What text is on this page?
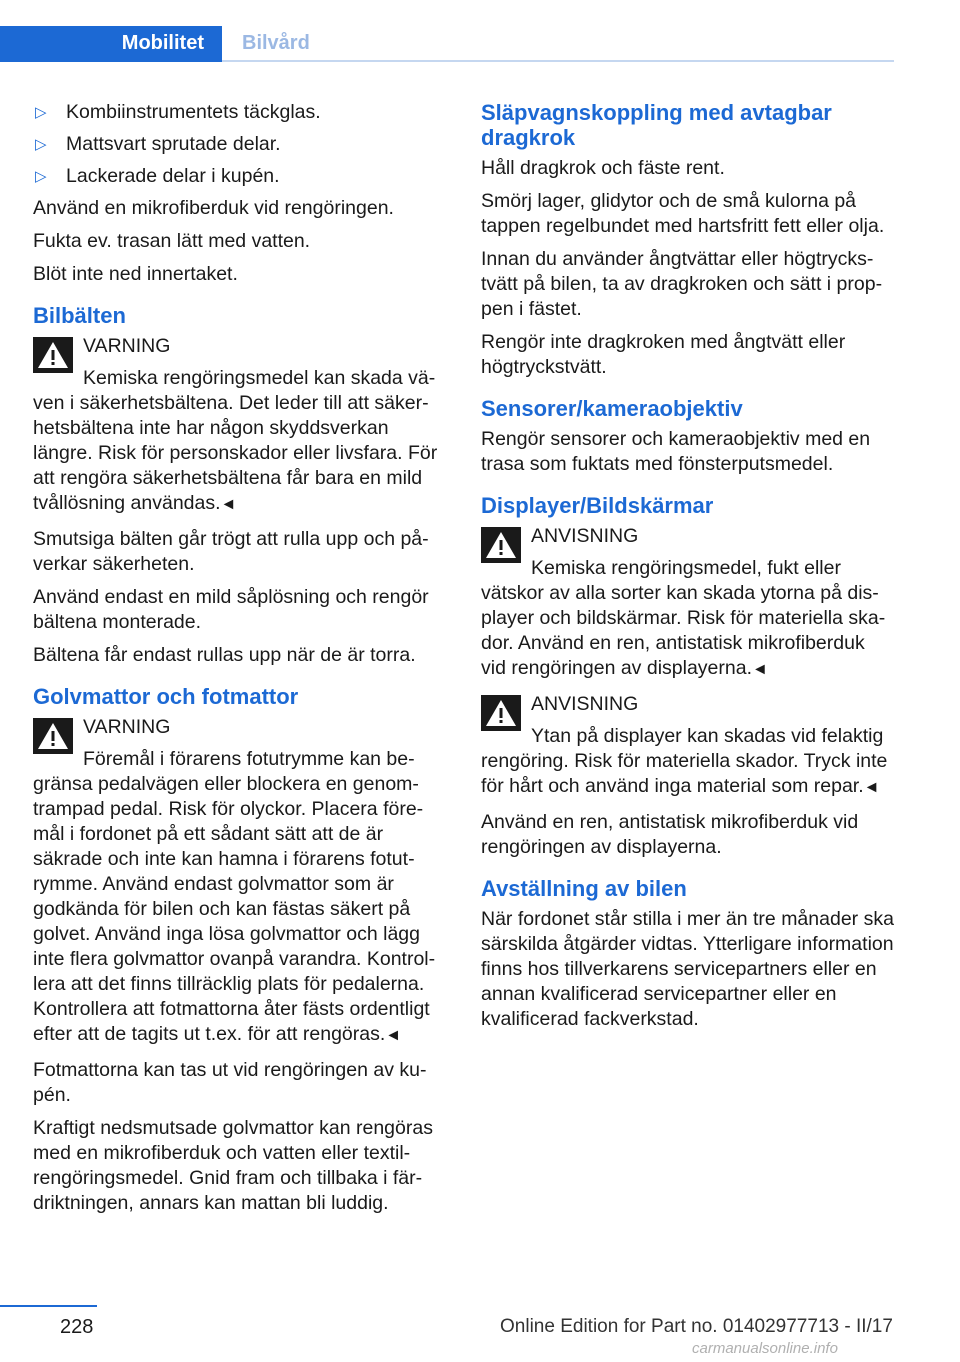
Mobilitet Bilvård
▷ Kombiinstrumentets täckglas.
▷ Mattsvart sprutade delar.
▷ Lackerade delar i kupén.

Använd en mikrofiberduk vid rengöringen.

Fukta ev. trasan lätt med vatten.

Blöt inte ned innertaket.

Bilbälten
VARNING
Kemiska rengöringsmedel kan skada väven i säkerhetsbältena. Det leder till att säkerhetsbältena inte har någon skyddsverkan längre. Risk för personskador eller livsfara. För att rengöra säkerhetsbältena får bara en mild tvållösning användas.◄

Smutsiga bälten går trögt att rulla upp och påverkar säkerheten.

Använd endast en mild såplösning och rengör bältena monterade.

Bältena får endast rullas upp när de är torra.

Golvmattor och fotmattor
VARNING
Föremål i förarens fotutrymme kan begränsa pedalvägen eller blockera en genomtrampad pedal. Risk för olyckor. Placera föremål i fordonet på ett sådant sätt att de är säkrade och inte kan hamna i förarens fotutrymme. Använd endast golvmattor som är godkända för bilen och kan fästas säkert på golvet. Använd inga lösa golvmattor och lägg inte flera golvmattor ovanpå varandra. Kontrollera att det finns tillräcklig plats för pedalerna. Kontrollera att fotmattorna åter fästs ordentligt efter att de tagits ut t.ex. för att rengöras.◄

Fotmattorna kan tas ut vid rengöringen av kupén.

Kraftigt nedsmutsade golvmattor kan rengöras med en mikrofiberduk och vatten eller textilrengöringsmedel. Gnid fram och tillbaka i färdriktningen, annars kan mattan bli luddig.

Släpvagnskoppling med avtagbar dragkrok

Håll dragkrok och fäste rent.

Smörj lager, glidytor och de små kulorna på tappen regelbundet med hartsfritt fett eller olja.

Innan du använder ångtvättar eller högtryckstvätt på bilen, ta av dragkroken och sätt i proppen i fästet.

Rengör inte dragkroken med ångtvätt eller högtryckstvätt.

Sensorer/kameraobjektiv

Rengör sensorer och kameraobjektiv med en trasa som fuktats med fönsterputsmedel.

Displayer/Bildskärmar
ANVISNING
Kemiska rengöringsmedel, fukt eller vätskor av alla sorter kan skada ytorna på displayer och bildskärmar. Risk för materiella skador. Använd en ren, antistatisk mikrofiberduk vid rengöringen av displayerna.◄
ANVISNING
Ytan på displayer kan skadas vid felaktig rengöring. Risk för materiella skador. Tryck inte för hårt och använd inga material som repar.◄

Använd en ren, antistatisk mikrofiberduk vid rengöringen av displayerna.

Avställning av bilen

När fordonet står stilla i mer än tre månader ska särskilda åtgärder vidtas. Ytterligare information finns hos tillverkarens servicepartners eller en annan kvalificerad servicepartner eller en kvalificerad fackverkstad.

228	Online Edition for Part no. 01402977713 - II/17
carmanualsonline.info
